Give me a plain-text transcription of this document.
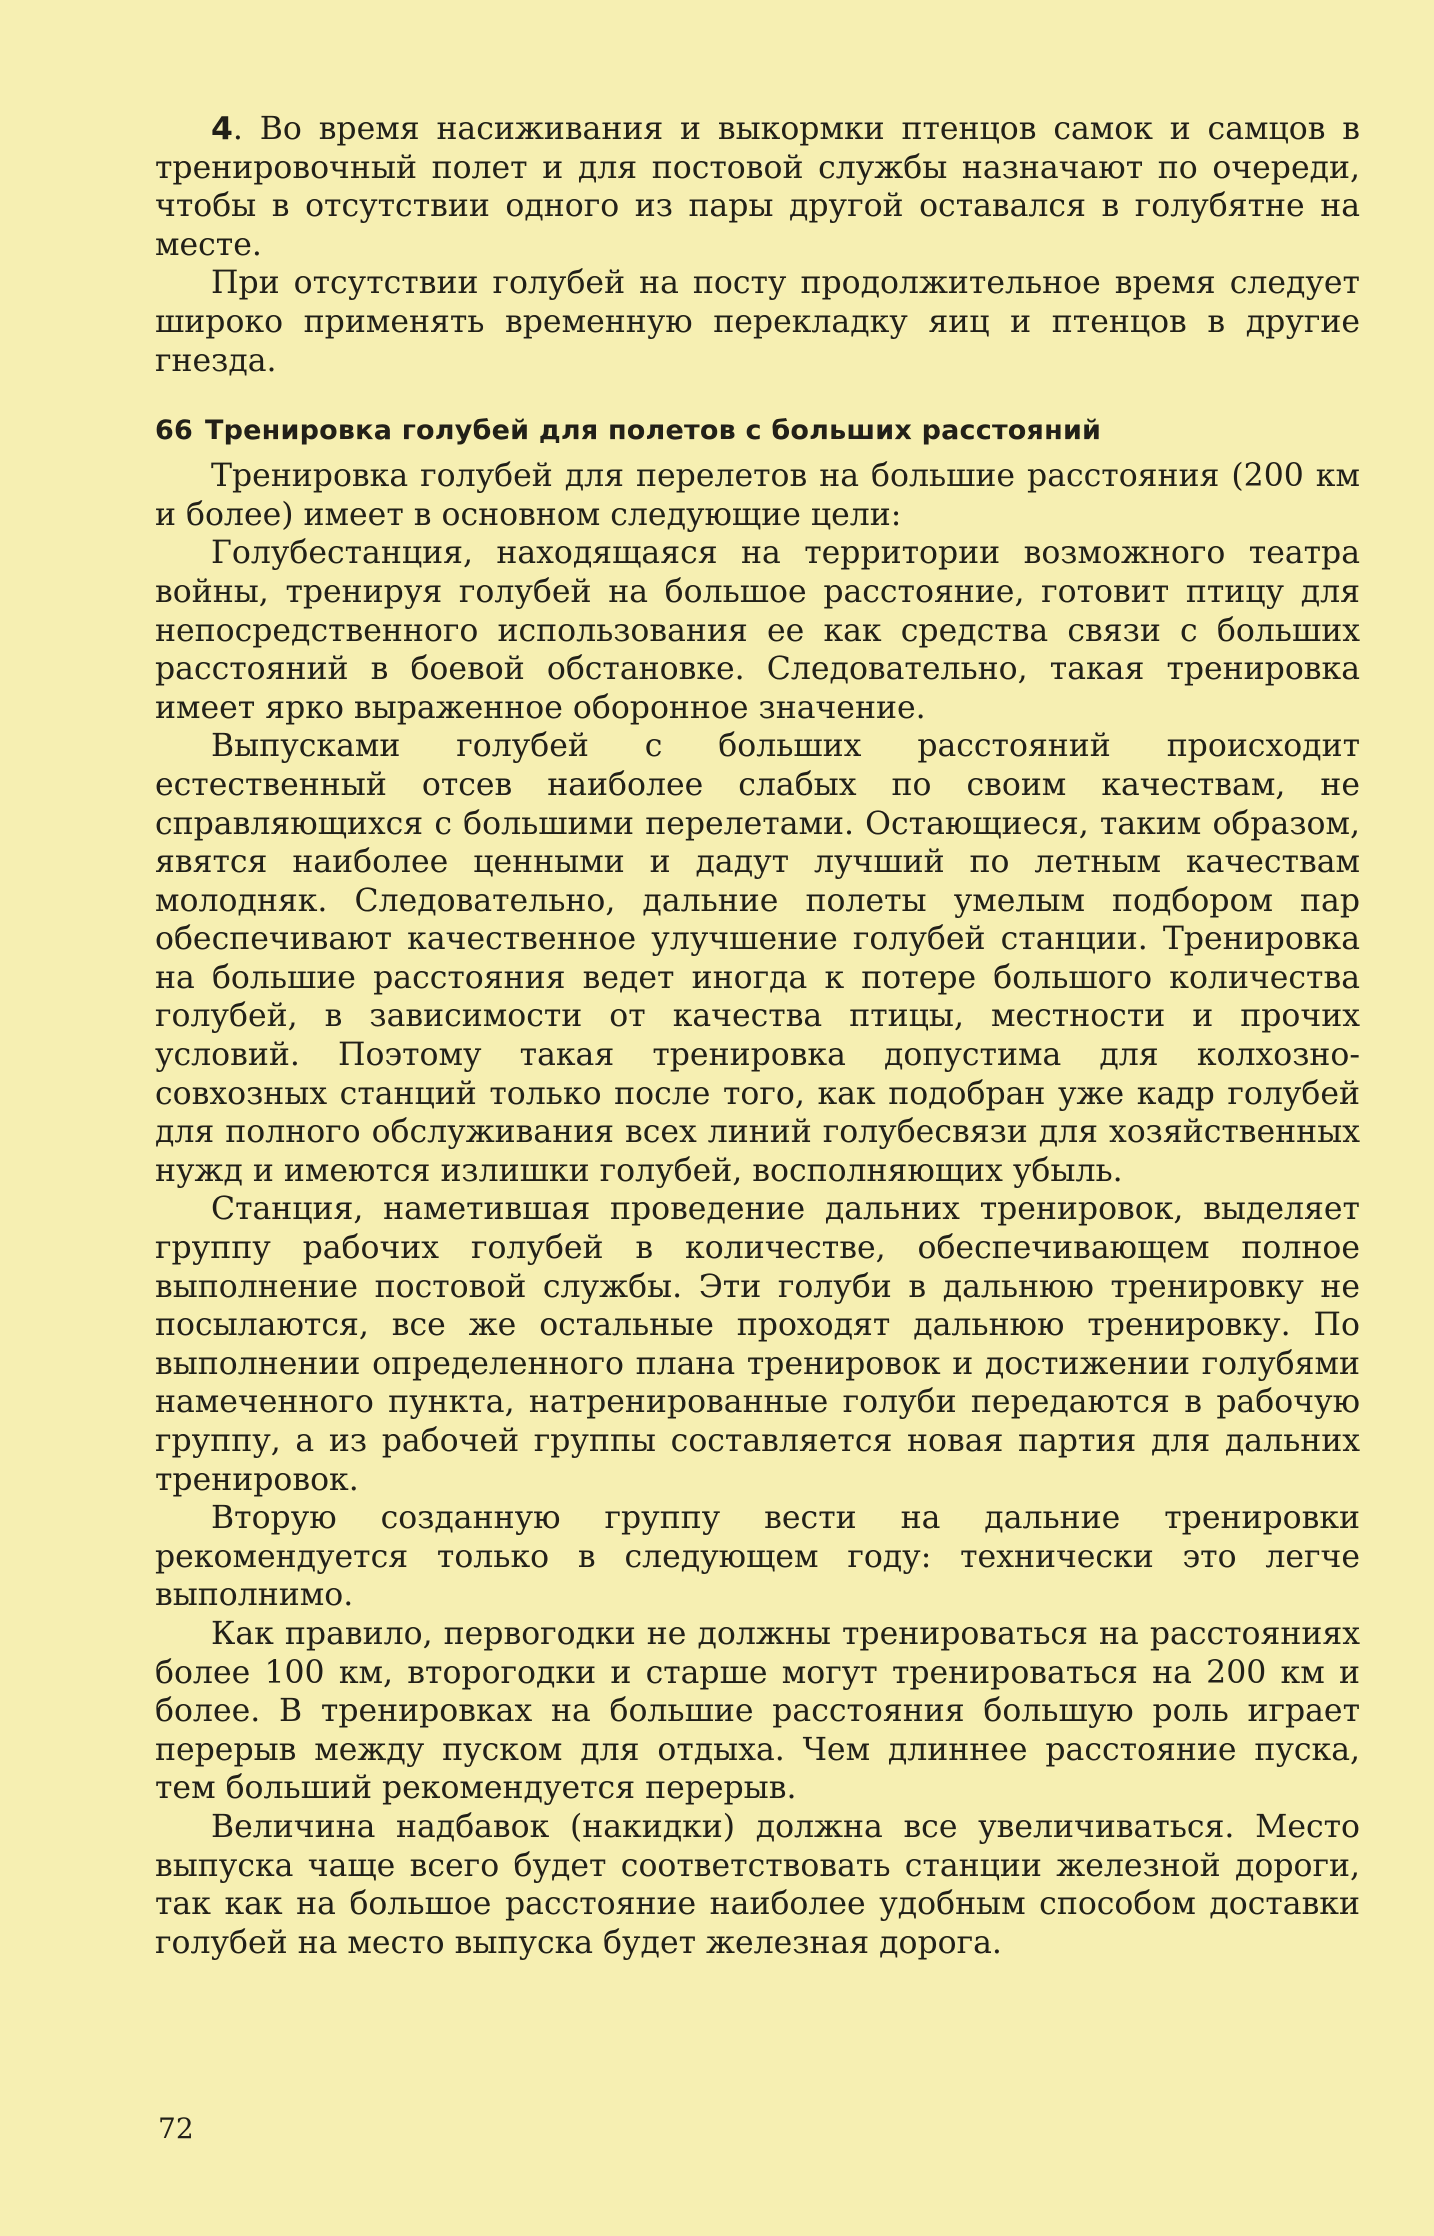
4. Во время насиживания и выкормки птенцов самок и самцов в тренировочный полет и для постовой службы назначают по очереди, чтобы в отсутствии одного из пары другой оставался в голубятне на месте.

При отсутствии голубей на посту продолжительное время следует широко применять временную перекладку яиц и птенцов в другие гнезда.

66 Тренировка голубей для полетов с больших расстояний

Тренировка голубей для перелетов на большие расстояния (200 км и более) имеет в основном следующие цели:

Голубестанция, находящаяся на территории возможного театра войны, тренируя голубей на большое расстояние, готовит птицу для непосредственного использования ее как средства связи с больших расстояний в боевой обстановке. Следовательно, такая тренировка имеет ярко выраженное оборонное значение.

Выпусками голубей с больших расстояний происходит естественный отсев наиболее слабых по своим качествам, не справляющихся с большими перелетами. Остающиеся, таким образом, явятся наиболее ценными и дадут лучший по летным качествам молодняк. Следовательно, дальние полеты умелым подбором пар обеспечивают качественное улучшение голубей станции. Тренировка на большие расстояния ведет иногда к потере большого количества голубей, в зависимости от качества птицы, местности и прочих условий. Поэтому такая тренировка допустима для колхозно-совхозных станций только после того, как подобран уже кадр голубей для полного обслуживания всех линий голубесвязи для хозяйственных нужд и имеются излишки голубей, восполняющих убыль.

Станция, наметившая проведение дальних тренировок, выделяет группу рабочих голубей в количестве, обеспечивающем полное выполнение постовой службы. Эти голуби в дальнюю тренировку не посылаются, все же остальные проходят дальнюю тренировку. По выполнении определенного плана тренировок и достижении голубями намеченного пункта, натренированные голуби передаются в рабочую группу, а из рабочей группы составляется новая партия для дальних тренировок.

Вторую созданную группу вести на дальние тренировки рекомендуется только в следующем году: технически это легче выполнимо.

Как правило, первогодки не должны тренироваться на расстояниях более 100 км, второгодки и старше могут тренироваться на 200 км и более. В тренировках на большие расстояния большую роль играет перерыв между пуском для отдыха. Чем длиннее расстояние пуска, тем больший рекомендуется перерыв.

Величина надбавок (накидки) должна все увеличиваться. Место выпуска чаще всего будет соответствовать станции железной дороги, так как на большое расстояние наиболее удобным способом доставки голубей на место выпуска будет железная дорога.

72
